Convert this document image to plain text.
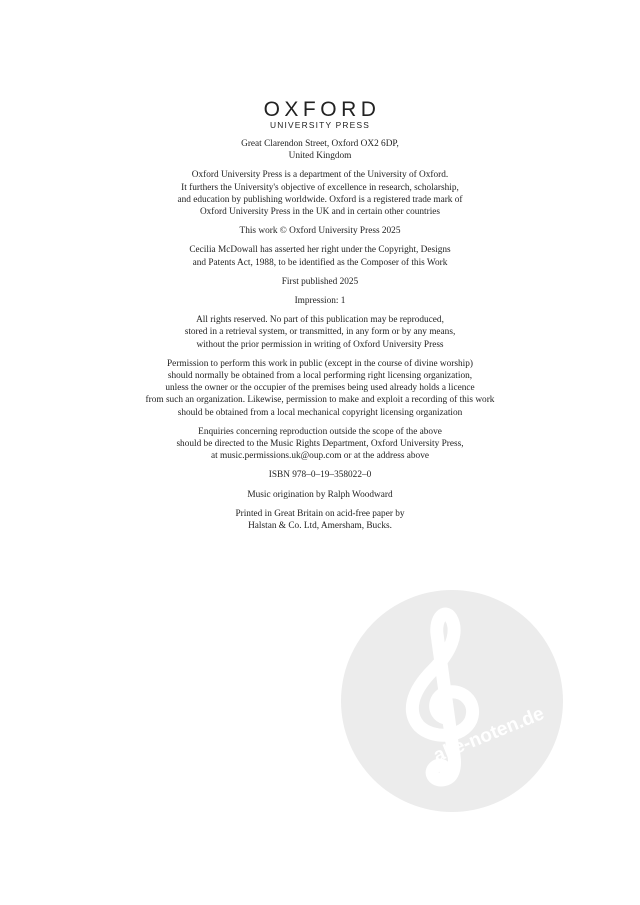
OXFORD
UNIVERSITY PRESS
Great Clarendon Street, Oxford OX2 6DP,
United Kingdom
Oxford University Press is a department of the University of Oxford.
It furthers the University's objective of excellence in research, scholarship,
and education by publishing worldwide. Oxford is a registered trade mark of
Oxford University Press in the UK and in certain other countries
This work © Oxford University Press 2025
Cecilia McDowall has asserted her right under the Copyright, Designs
and Patents Act, 1988, to be identified as the Composer of this Work
First published 2025
Impression: 1
All rights reserved. No part of this publication may be reproduced,
stored in a retrieval system, or transmitted, in any form or by any means,
without the prior permission in writing of Oxford University Press
Permission to perform this work in public (except in the course of divine worship)
should normally be obtained from a local performing right licensing organization,
unless the owner or the occupier of the premises being used already holds a licence
from such an organization. Likewise, permission to make and exploit a recording of this work
should be obtained from a local mechanical copyright licensing organization
Enquiries concerning reproduction outside the scope of the above
should be directed to the Music Rights Department, Oxford University Press,
at music.permissions.uk@oup.com or at the address above
ISBN 978–0–19–358022–0
Music origination by Ralph Woodward
Printed in Great Britain on acid-free paper by
Halstan & Co. Ltd, Amersham, Bucks.
alle-noten.de
